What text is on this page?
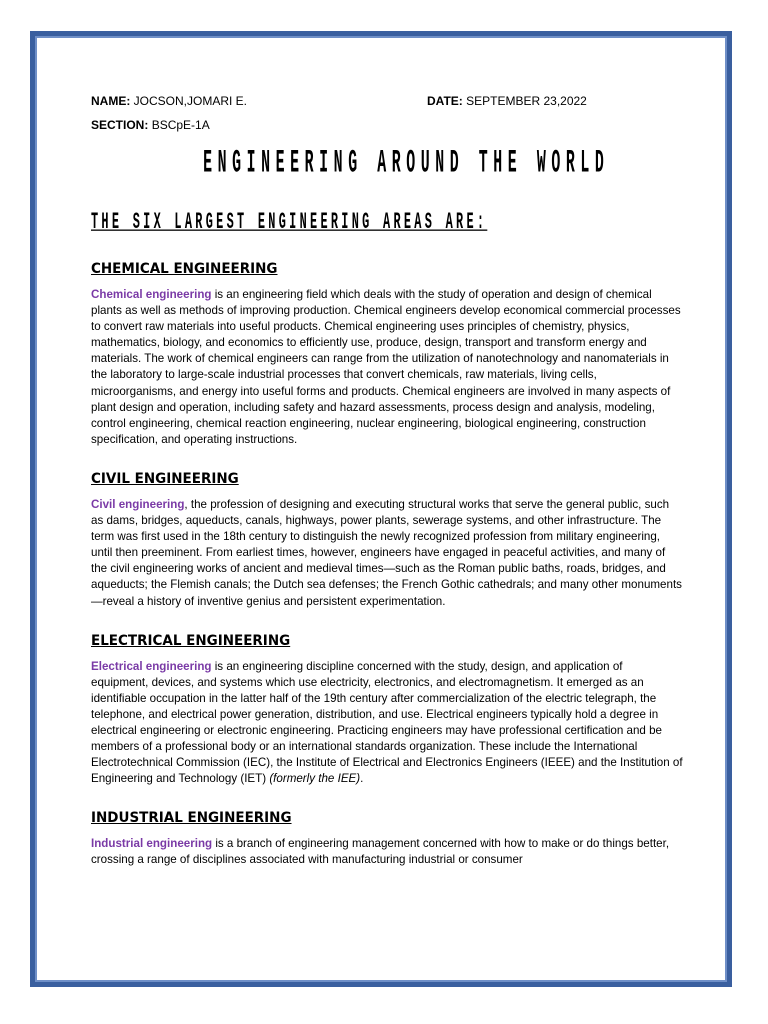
NAME: JOCSON,JOMARI E.	DATE: SEPTEMBER 23,2022
SECTION: BSCpE-1A
ENGINEERING AROUND THE WORLD
THE SIX LARGEST ENGINEERING AREAS ARE:
CHEMICAL ENGINEERING
Chemical engineering is an engineering field which deals with the study of operation and design of chemical plants as well as methods of improving production. Chemical engineers develop economical commercial processes to convert raw materials into useful products. Chemical engineering uses principles of chemistry, physics, mathematics, biology, and economics to efficiently use, produce, design, transport and transform energy and materials. The work of chemical engineers can range from the utilization of nanotechnology and nanomaterials in the laboratory to large-scale industrial processes that convert chemicals, raw materials, living cells, microorganisms, and energy into useful forms and products. Chemical engineers are involved in many aspects of plant design and operation, including safety and hazard assessments, process design and analysis, modeling, control engineering, chemical reaction engineering, nuclear engineering, biological engineering, construction specification, and operating instructions.
CIVIL ENGINEERING
Civil engineering, the profession of designing and executing structural works that serve the general public, such as dams, bridges, aqueducts, canals, highways, power plants, sewerage systems, and other infrastructure. The term was first used in the 18th century to distinguish the newly recognized profession from military engineering, until then preeminent. From earliest times, however, engineers have engaged in peaceful activities, and many of the civil engineering works of ancient and medieval times—such as the Roman public baths, roads, bridges, and aqueducts; the Flemish canals; the Dutch sea defenses; the French Gothic cathedrals; and many other monuments—reveal a history of inventive genius and persistent experimentation.
ELECTRICAL ENGINEERING
Electrical engineering is an engineering discipline concerned with the study, design, and application of equipment, devices, and systems which use electricity, electronics, and electromagnetism. It emerged as an identifiable occupation in the latter half of the 19th century after commercialization of the electric telegraph, the telephone, and electrical power generation, distribution, and use. Electrical engineers typically hold a degree in electrical engineering or electronic engineering. Practicing engineers may have professional certification and be members of a professional body or an international standards organization. These include the International Electrotechnical Commission (IEC), the Institute of Electrical and Electronics Engineers (IEEE) and the Institution of Engineering and Technology (IET) (formerly the IEE).
INDUSTRIAL ENGINEERING
Industrial engineering is a branch of engineering management concerned with how to make or do things better, crossing a range of disciplines associated with manufacturing industrial or consumer
